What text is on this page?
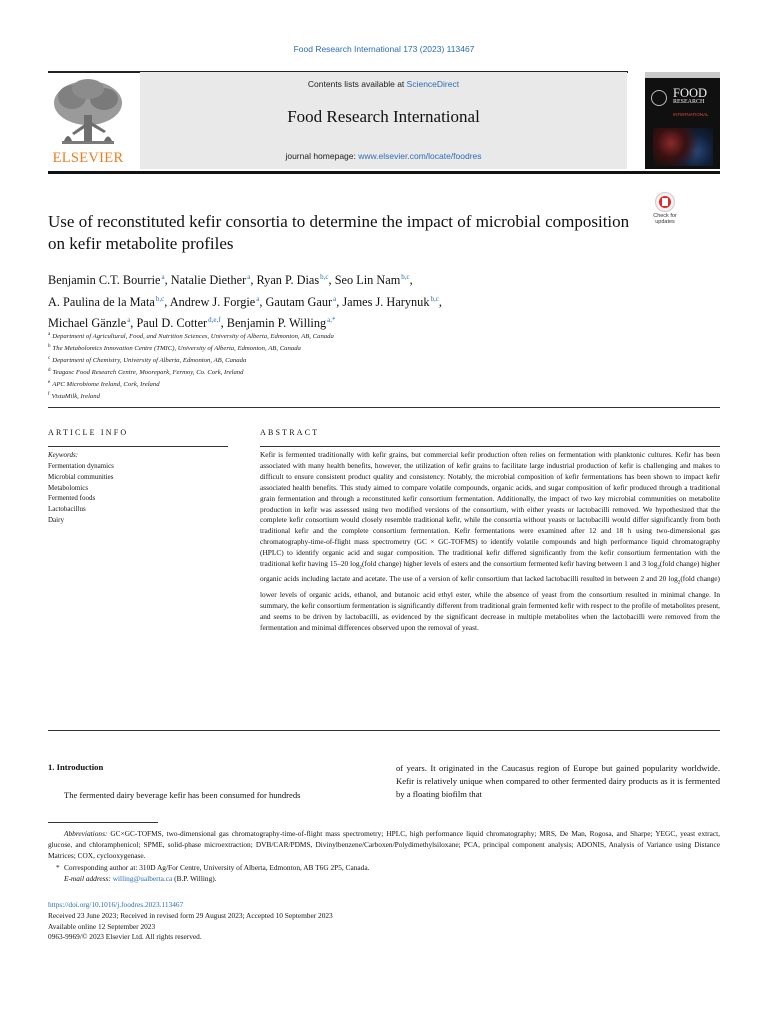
Food Research International 173 (2023) 113467
ELSEVIER
Contents lists available at ScienceDirect
Food Research International
journal homepage: www.elsevier.com/locate/foodres
FOOD
RESEARCH
INTERNATIONAL
Check for
updates
Use of reconstituted kefir consortia to determine the impact of microbial composition on kefir metabolite profiles
Benjamin C.T. Bourrie$^a$, Natalie Diether$^a$, Ryan P. Dias$^{b,c}$, Seo Lin Nam$^{b,c}$,
A. Paulina de la Mata$^{b,c}$, Andrew J. Forgie$^a$, Gautam Gaur$^a$, James J. Harynuk$^{b,c}$,
Michael Gänzle$^a$, Paul D. Cotter$^{d,e,f}$, Benjamin P. Willing$^{a,*}$
$^a$ Department of Agricultural, Food, and Nutrition Sciences, University of Alberta, Edmonton, AB, Canada
$^b$ The Metabolomics Innovation Centre (TMIC), University of Alberta, Edmonton, AB, Canada
$^c$ Department of Chemistry, University of Alberta, Edmonton, AB, Canada
$^d$ Teagasc Food Research Centre, Moorepark, Fermoy, Co. Cork, Ireland
$^e$ APC Microbiome Ireland, Cork, Ireland
$^f$ VistaMilk, Ireland
ARTICLE INFO
Keywords:
Fermentation dynamics
Microbial communities
Metabolomics
Fermented foods
Lactobacillus
Dairy
ABSTRACT

Kefir is fermented traditionally with kefir grains, but commercial kefir production often relies on fermentation with planktonic cultures. Kefir has been associated with many health benefits, however, the utilization of kefir grains to facilitate large industrial production of kefir is challenging and makes to difficult to ensure consistent product quality and consistency. Notably, the microbial composition of kefir fermentations has been shown to impact kefir associated health benefits. This study aimed to compare volatile compounds, organic acids, and sugar composition of kefir produced through a traditional grain fermentation and through a reconstituted kefir consortium fermentation. Additionally, the impact of two key microbial communities on metabolite production in kefir was assessed using two modified versions of the consortium, with either yeasts or lactobacilli removed. We hypothesized that the complete kefir consortium would closely resemble traditional kefir, while the consortia without yeasts or lactobacilli would differ significantly from both traditional kefir and the complete consortium fermentation. Kefir fermentations were examined after 12 and 18 h using two-dimensional gas chromatography-time-of-flight mass spectrometry (GC × GC-TOFMS) to identify volatile compounds and high performance liquid chromatography (HPLC) to identify organic acid and sugar composition. The traditional kefir differed significantly from the kefir consortium fermentation with the traditional kefir having 15–20 $\log_2(fold$ change) higher levels of esters and the consortium fermented kefir having between 1 and 3 $\log_2(fold$ change) higher organic acids including lactate and acetate. The use of a version of kefir consortium that lacked lactobacilli resulted in between 2 and 20 $\log_2(fold$ change) lower levels of organic acids, ethanol, and butanoic acid ethyl ester, while the absence of yeast from the consortium resulted in minimal change. In summary, the kefir consortium fermentation is significantly different from traditional grain fermented kefir with respect to the profile of metabolites present, and seems to be driven by lactobacilli, as evidenced by the significant decrease in multiple metabolites when the lactobacilli were removed from the fermentation and minimal differences observed upon the removal of yeast.

1. Introduction

The fermented dairy beverage kefir has been consumed for hundreds

of years. It originated in the Caucasus region of Europe but gained popularity worldwide. Kefir is relatively unique when compared to other fermented dairy products as it is fermented by a floating biofilm that

Abbreviations: GC×GC-TOFMS, two-dimensional gas chromatography-time-of-flight mass spectrometry; HPLC, high performance liquid chromatography; MRS, De Man, Rogosa, and Sharpe; YEGC, yeast extract, glucose, and chloramphenicol; SPME, solid-phase microextraction; DVB/CAR/PDMS, Divinylbenzene/Carboxen/Polydimethylsiloxane; PCA, principal component analysis; ADONIS, Analysis of Variance using Distance Matrices; COX, cyclooxygenase.
* Corresponding author at: 310D Ag/For Centre, University of Alberta, Edmonton, AB T6G 2P5, Canada.
E-mail address: willing@ualberta.ca (B.P. Willing).
https://doi.org/10.1016/j.foodres.2023.113467
Received 23 June 2023; Received in revised form 29 August 2023; Accepted 10 September 2023
Available online 12 September 2023
0963-9969/© 2023 Elsevier Ltd. All rights reserved.
